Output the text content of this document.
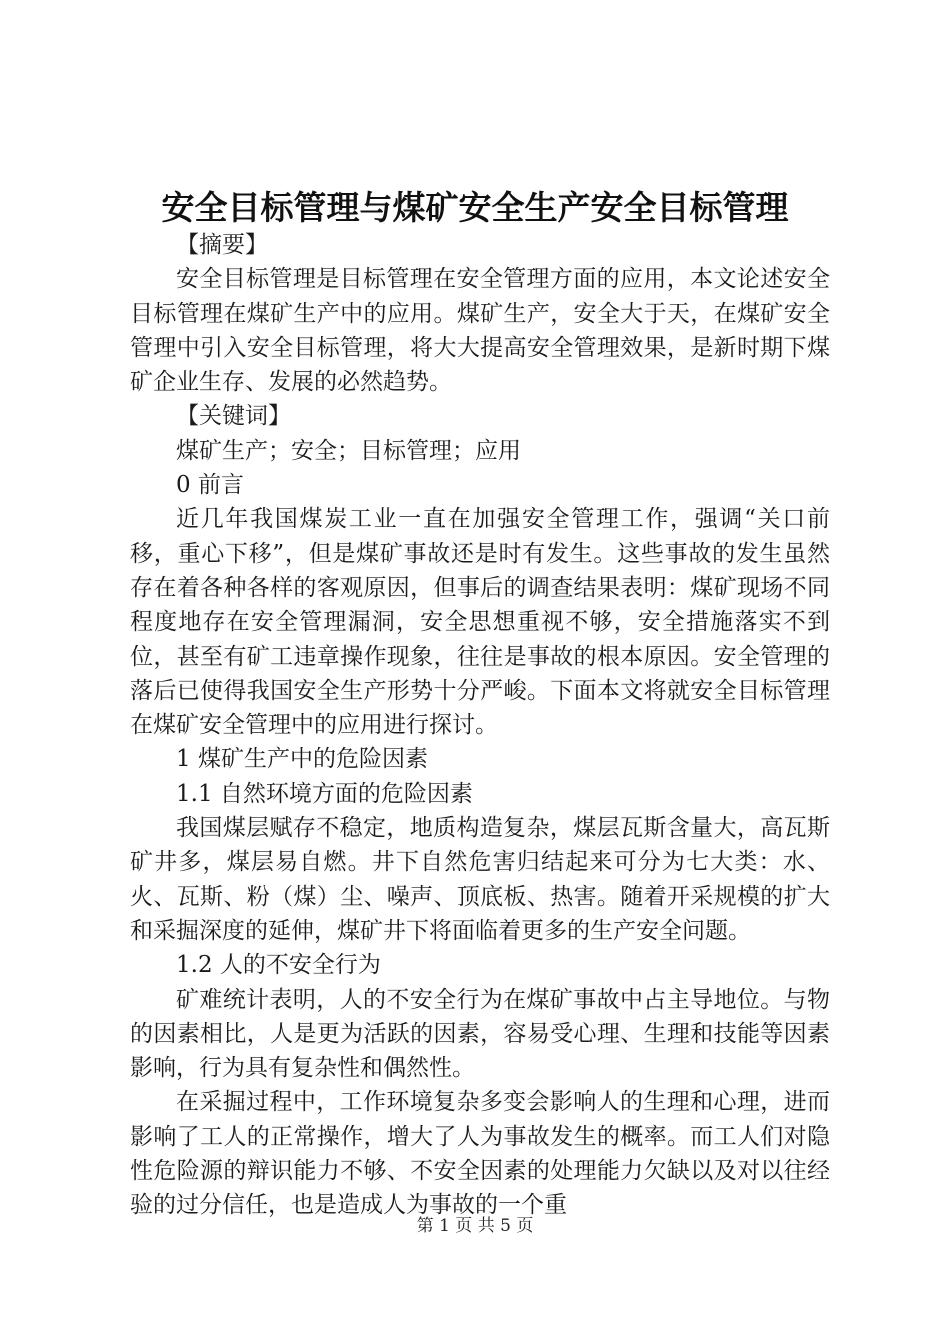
安全目标管理与煤矿安全生产安全目标管理

【摘要】

安全目标管理是目标管理在安全管理方面的应用，本文论述安全目标管理在煤矿生产中的应用。煤矿生产，安全大于天，在煤矿安全管理中引入安全目标管理，将大大提高安全管理效果，是新时期下煤矿企业生存、发展的必然趋势。

【关键词】

煤矿生产；安全；目标管理；应用

0 前言

近几年我国煤炭工业一直在加强安全管理工作，强调“关口前移，重心下移”，但是煤矿事故还是时有发生。这些事故的发生虽然存在着各种各样的客观原因，但事后的调查结果表明：煤矿现场不同程度地存在安全管理漏洞，安全思想重视不够，安全措施落实不到位，甚至有矿工违章操作现象，往往是事故的根本原因。安全管理的落后已使得我国安全生产形势十分严峻。下面本文将就安全目标管理在煤矿安全管理中的应用进行探讨。

1 煤矿生产中的危险因素

1.1 自然环境方面的危险因素

我国煤层赋存不稳定，地质构造复杂，煤层瓦斯含量大，高瓦斯矿井多，煤层易自燃。井下自然危害归结起来可分为七大类：水、火、瓦斯、粉（煤）尘、噪声、顶底板、热害。随着开采规模的扩大和采掘深度的延伸，煤矿井下将面临着更多的生产安全问题。

1.2 人的不安全行为

矿难统计表明，人的不安全行为在煤矿事故中占主导地位。与物的因素相比，人是更为活跃的因素，容易受心理、生理和技能等因素影响，行为具有复杂性和偶然性。

在采掘过程中，工作环境复杂多变会影响人的生理和心理，进而影响了工人的正常操作，增大了人为事故发生的概率。而工人们对隐性危险源的辩识能力不够、不安全因素的处理能力欠缺以及对以往经验的过分信任，也是造成人为事故的一个重

第 1 页 共 5 页
